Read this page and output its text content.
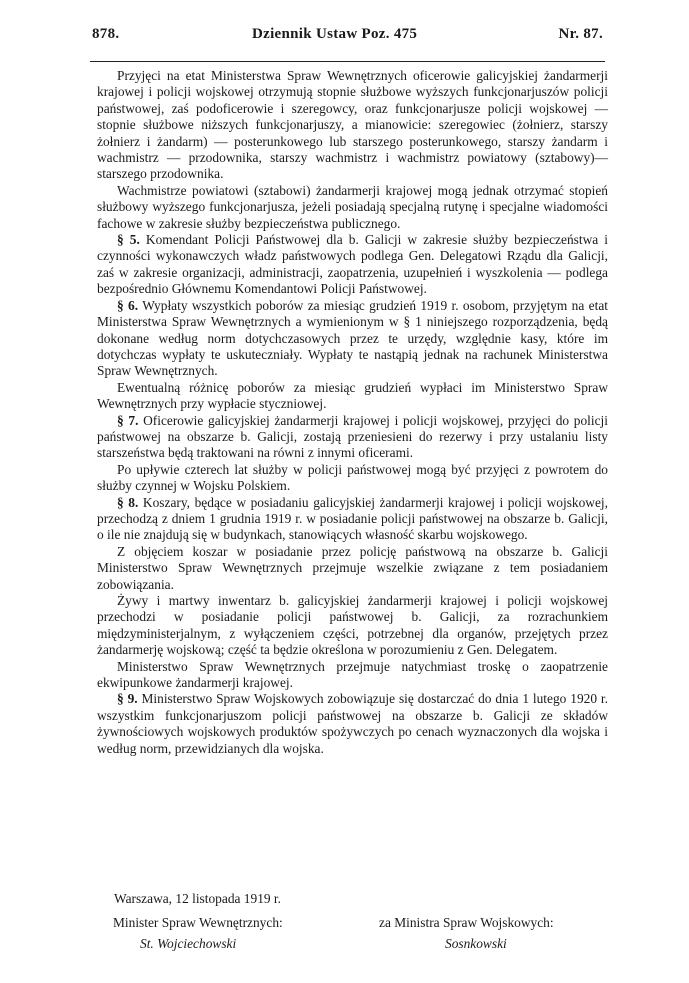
878.	Dziennik Ustaw Poz. 475	Nr. 87.

Przyjęci na etat Ministerstwa Spraw Wewnętrznych oficerowie galicyjskiej żandarmerji krajowej i policji wojskowej otrzymują stopnie służbowe wyższych funkcjonarjuszów policji państwowej, zaś podoficerowie i szeregowcy, oraz funkcjonarjusze policji wojskowej — stopnie służbowe niższych funkcjonarjuszy, a mianowicie: szeregowiec (żołnierz, starszy żołnierz i żandarm) — posterunkowego lub starszego posterunkowego, starszy żandarm i wachmistrz — przodownika, starszy wachmistrz i wachmistrz powiatowy (sztabowy)—starszego przodownika.

Wachmistrze powiatowi (sztabowi) żandarmerji krajowej mogą jednak otrzymać stopień służbowy wyższego funkcjonarjusza, jeżeli posiadają specjalną rutynę i specjalne wiadomości fachowe w zakresie służby bezpieczeństwa publicznego.

§ 5. Komendant Policji Państwowej dla b. Galicji w zakresie służby bezpieczeństwa i czynności wykonawczych władz państwowych podlega Gen. Delegatowi Rządu dla Galicji, zaś w zakresie organizacji, administracji, zaopatrzenia, uzupełnień i wyszkolenia — podlega bezpośrednio Głównemu Komendantowi Policji Państwowej.

§ 6. Wypłaty wszystkich poborów za miesiąc grudzień 1919 r. osobom, przyjętym na etat Ministerstwa Spraw Wewnętrznych a wymienionym w § 1 niniejszego rozporządzenia, będą dokonane według norm dotychczasowych przez te urzędy, względnie kasy, które im dotychczas wypłaty te uskuteczniały. Wypłaty te nastąpią jednak na rachunek Ministerstwa Spraw Wewnętrznych.

Ewentualną różnicę poborów za miesiąc grudzień wypłaci im Ministerstwo Spraw Wewnętrznych przy wypłacie styczniowej.

§ 7. Oficerowie galicyjskiej żandarmerji krajowej i policji wojskowej, przyjęci do policji państwowej na obszarze b. Galicji, zostają przeniesieni do rezerwy i przy ustalaniu listy starszeństwa będą traktowani na równi z innymi oficerami.

Po upływie czterech lat służby w policji państwowej mogą być przyjęci z powrotem do służby czynnej w Wojsku Polskiem.

§ 8. Koszary, będące w posiadaniu galicyjskiej żandarmerji krajowej i policji wojskowej, przechodzą z dniem 1 grudnia 1919 r. w posiadanie policji państwowej na obszarze b. Galicji, o ile nie znajdują się w budynkach, stanowiących własność skarbu wojskowego.

Z objęciem koszar w posiadanie przez policję państwową na obszarze b. Galicji Ministerstwo Spraw Wewnętrznych przejmuje wszelkie związane z tem posiadaniem zobowiązania.

Żywy i martwy inwentarz b. galicyjskiej żandarmerji krajowej i policji wojskowej przechodzi w posiadanie policji państwowej b. Galicji, za rozrachunkiem międzyministerjalnym, z wyłączeniem części, potrzebnej dla organów, przejętych przez żandarmerję wojskową; część ta będzie określona w porozumieniu z Gen. Delegatem.

Ministerstwo Spraw Wewnętrznych przejmuje natychmiast troskę o zaopatrzenie ekwipunkowe żandarmerji krajowej.

§ 9. Ministerstwo Spraw Wojskowych zobowiązuje się dostarczać do dnia 1 lutego 1920 r. wszystkim funkcjonarjuszom policji państwowej na obszarze b. Galicji ze składów żywnościowych wojskowych produktów spożywczych po cenach wyznaczonych dla wojska i według norm, przewidzianych dla wojska.

Warszawa, 12 listopada 1919 r.
Minister Spraw Wewnętrznych:	za Ministra Spraw Wojskowych:
St. Wojciechowski	Sosnkowski
